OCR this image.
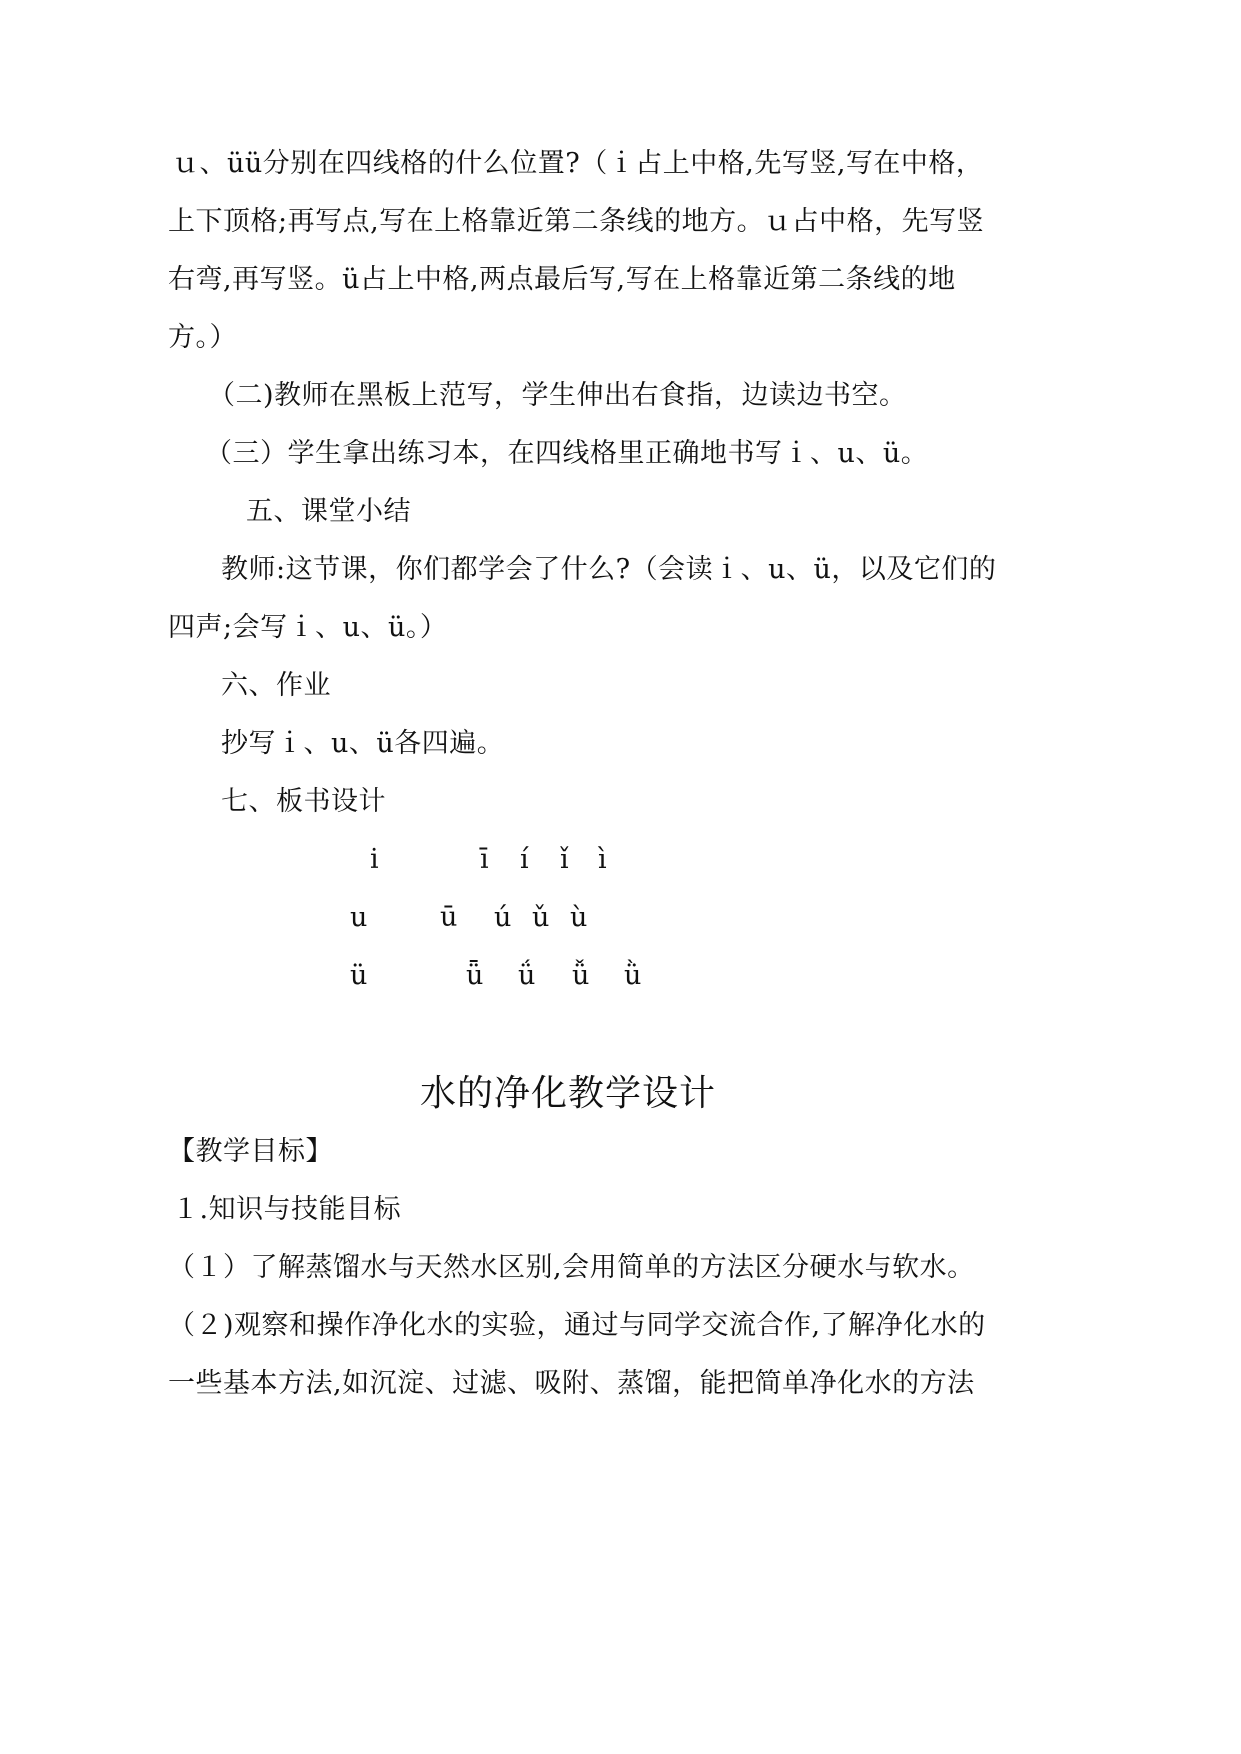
ｕ、üü分别在四线格的什么位置?（ｉ占上中格,先写竖,写在中格，
上下顶格;再写点,写在上格靠近第二条线的地方。ｕ占中格，先写竖
右弯,再写竖。ü占上中格,两点最后写,写在上格靠近第二条线的地
方。）
（二)教师在黑板上范写，学生伸出右食指，边读边书空。
（三）学生拿出练习本，在四线格里正确地书写ｉ、u、ü。
五、课堂小结
教师:这节课，你们都学会了什么?（会读ｉ、u、ü，以及它们的
四声;会写ｉ、u、ü。）
六、作业
抄写ｉ、u、ü各四遍。
七、板书设计
i	ī í ǐ ì
u	ū ú ǔ ù
ü	ǖ ǘ ǚ ǜ
水的净化教学设计
【教学目标】
１.知识与技能目标
（１）了解蒸馏水与天然水区别,会用简单的方法区分硬水与软水。
（２)观察和操作净化水的实验，通过与同学交流合作,了解净化水的
一些基本方法,如沉淀、过滤、吸附、蒸馏，能把简单净化水的方法
